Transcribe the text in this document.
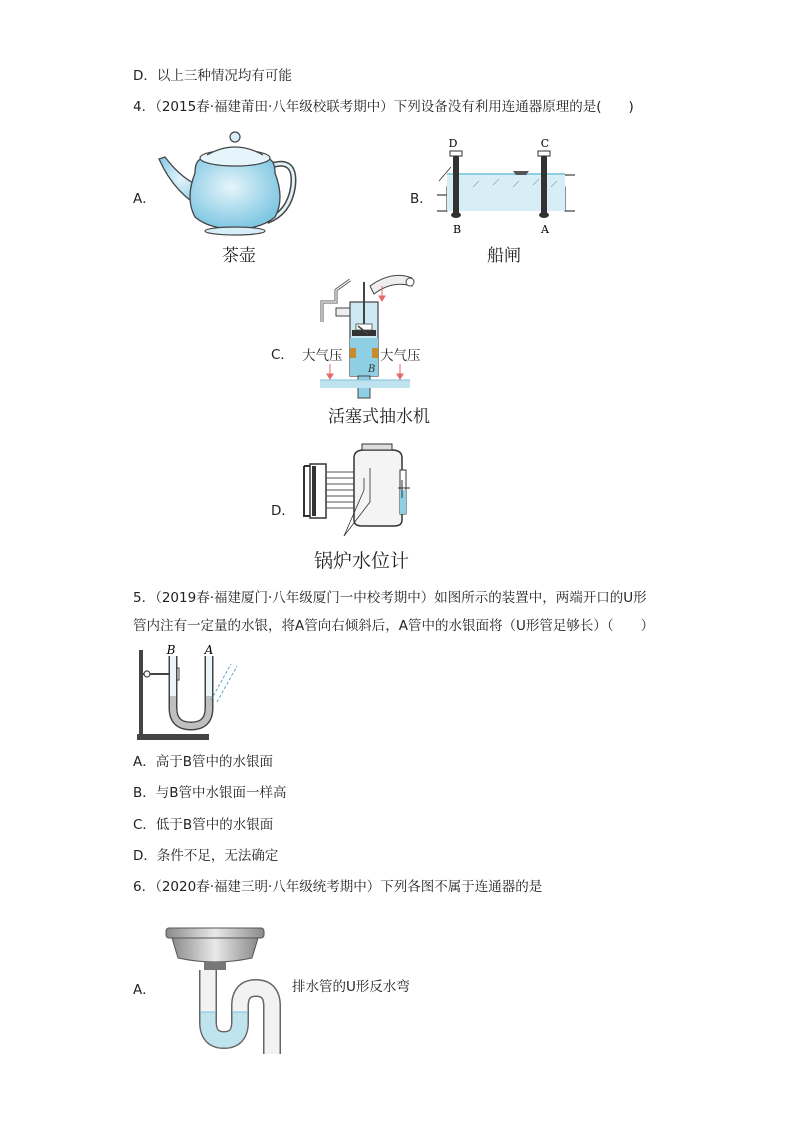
D．以上三种情况均有可能
4．（2015春·福建莆田·八年级校联考期中）下列设备没有利用连通器原理的是(　　)
A．
茶壶
B．
D	C
B	A
船闸
C．
B
大气压	大气压
活塞式抽水机
D．
锅炉水位计
5．（2019春·福建厦门·八年级厦门一中校考期中）如图所示的装置中，两端开口的U形
管内注有一定量的水银，将A管向右倾斜后，A管中的水银面将（U形管足够长）（　　）
B A
A．高于B管中的水银面
B．与B管中水银面一样高
C．低于B管中的水银面
D．条件不足，无法确定
6．（2020春·福建三明·八年级统考期中）下列各图不属于连通器的是
A．	排水管的U形反水弯
